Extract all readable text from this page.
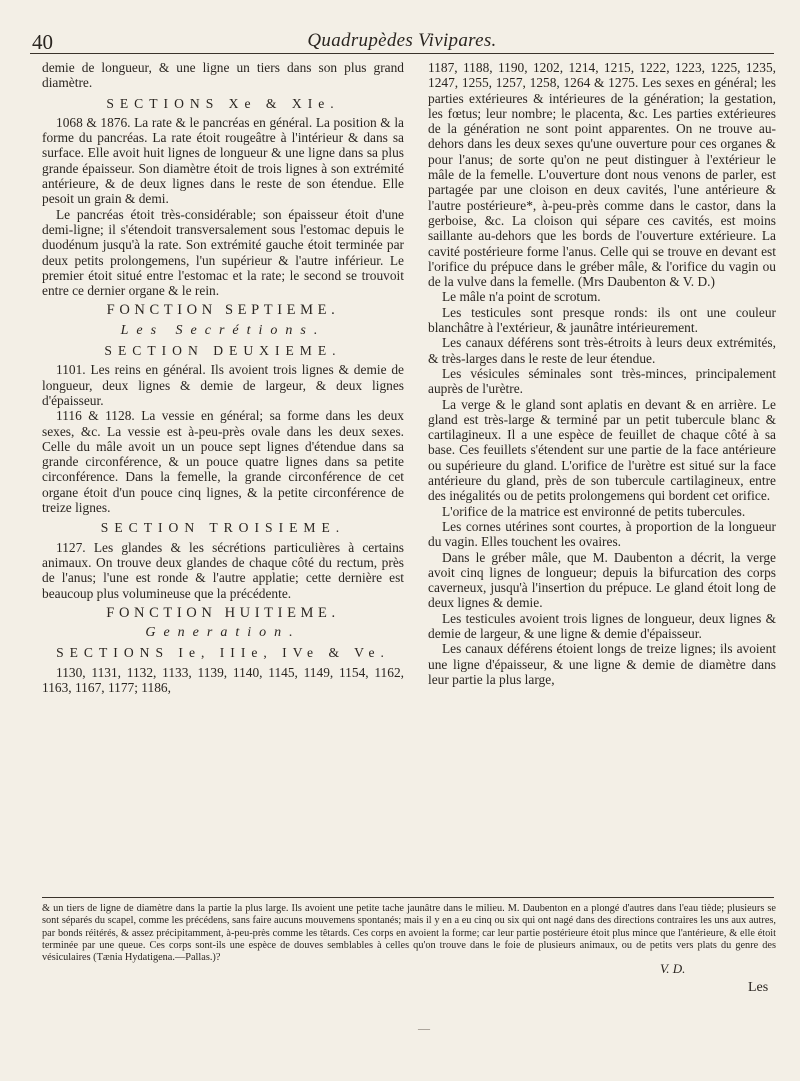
40	Quadrupèdes Vivipares.

demie de longueur, & une ligne un tiers dans son plus grand diamètre.

SECTIONS Xe & XIe.

1068 & 1876. La rate & le pancréas en général. La position & la forme du pancréas. La rate étoit rougeâtre à l'intérieur & dans sa surface. Elle avoit huit lignes de longueur & une ligne dans sa plus grande épaisseur. Son diamètre étoit de trois lignes à son extrémité antérieure, & de deux lignes dans le reste de son étendue. Elle pesoit un grain & demi.

Le pancréas étoit très-considérable; son épaisseur étoit d'une demi-ligne; il s'étendoit transversalement sous l'estomac depuis le duodénum jusqu'à la rate. Son extrémité gauche étoit terminée par deux petits prolongemens, l'un supérieur & l'autre inférieur. Le premier étoit situé entre l'estomac et la rate; le second se trouvoit entre ce dernier organe & le rein.

FONCTION SEPTIEME.
Les Secrétions.
SECTION DEUXIEME.

1101. Les reins en général. Ils avoient trois lignes & demie de longueur, deux lignes & demie de largeur, & deux lignes d'épaisseur.

1116 & 1128. La vessie en général; sa forme dans les deux sexes, &c. La vessie est à-peu-près ovale dans les deux sexes. Celle du mâle avoit un un pouce sept lignes d'étendue dans sa grande circonférence, & un pouce quatre lignes dans sa petite circonférence. Dans la femelle, la grande circonférence de cet organe étoit d'un pouce cinq lignes, & la petite circonférence de treize lignes.

SECTION TROISIEME.

1127. Les glandes & les sécrétions particulières à certains animaux. On trouve deux glandes de chaque côté du rectum, près de l'anus; l'une est ronde & l'autre applatie; cette dernière est beaucoup plus volumineuse que la précédente.

FONCTION HUITIEME.
Generation.
SECTIONS Ie, IIIe, IVe & Ve.

1130, 1131, 1132, 1133, 1139, 1140, 1145, 1149, 1154, 1162, 1163, 1167, 1177; 1186,

1187, 1188, 1190, 1202, 1214, 1215, 1222, 1223, 1225, 1235, 1247, 1255, 1257, 1258, 1264 & 1275. Les sexes en général; les parties extérieures & intérieures de la génération; la gestation, les fœtus; leur nombre; le placenta, &c. Les parties extérieures de la génération ne sont point apparentes. On ne trouve au-dehors dans les deux sexes qu'une ouverture pour ces organes & pour l'anus; de sorte qu'on ne peut distinguer à l'extérieur le mâle de la femelle. L'ouverture dont nous venons de parler, est partagée par une cloison en deux cavités, l'une antérieure & l'autre postérieure*, à-peu-près comme dans le castor, dans la gerboise, &c. La cloison qui sépare ces cavités, est moins saillante au-dehors que les bords de l'ouverture extérieure. La cavité postérieure forme l'anus. Celle qui se trouve en devant est l'orifice du prépuce dans le gréber mâle, & l'orifice du vagin ou de la vulve dans la femelle. (Mrs Daubenton & V. D.)

Le mâle n'a point de scrotum.

Les testicules sont presque ronds: ils ont une couleur blanchâtre à l'extérieur, & jaunâtre intérieurement.

Les canaux déférens sont très-étroits à leurs deux extrémités, & très-larges dans le reste de leur étendue.

Les vésicules séminales sont très-minces, principalement auprès de l'urètre.

La verge & le gland sont aplatis en devant & en arrière. Le gland est très-large & terminé par un petit tubercule blanc & cartilagineux. Il a une espèce de feuillet de chaque côté à sa base. Ces feuillets s'étendent sur une partie de la face antérieure ou supérieure du gland. L'orifice de l'urètre est situé sur la face antérieure du gland, près de son tubercule cartilagineux, entre des inégalités ou de petits prolongemens qui bordent cet orifice.

L'orifice de la matrice est environné de petits tubercules.

Les cornes utérines sont courtes, à proportion de la longueur du vagin. Elles touchent les ovaires.

Dans le gréber mâle, que M. Daubenton a décrit, la verge avoit cinq lignes de longueur; depuis la bifurcation des corps caverneux, jusqu'à l'insertion du prépuce. Le gland étoit long de deux lignes & demie.

Les testicules avoient trois lignes de longueur, deux lignes & demie de largeur, & une ligne & demie d'épaisseur.

Les canaux déférens étoient longs de treize lignes; ils avoient une ligne d'épaisseur, & une ligne & demie de diamètre dans leur partie la plus large,

& un tiers de ligne de diamètre dans la partie la plus large. Ils avoient une petite tache jaunâtre dans le milieu. M. Daubenton en a plongé d'autres dans l'eau tiède; plusieurs se sont séparés du scapel, comme les précédens, sans faire aucuns mouvemens spontanés; mais il y en a eu cinq ou six qui ont nagé dans des directions contraires les uns aux autres, par bonds réitérés, & assez précipitamment, à-peu-près comme les têtards. Ces corps en avoient la forme; car leur partie postérieure étoit plus mince que l'antérieure, & elle étoit terminée par une queue. Ces corps sont-ils une espèce de douves semblables à celles qu'on trouve dans le foie de plusieurs animaux, ou de petits vers plats du genre des vésiculaires (Tænia Hydatigena.—Pallas.)?
V. D.
Les
—
